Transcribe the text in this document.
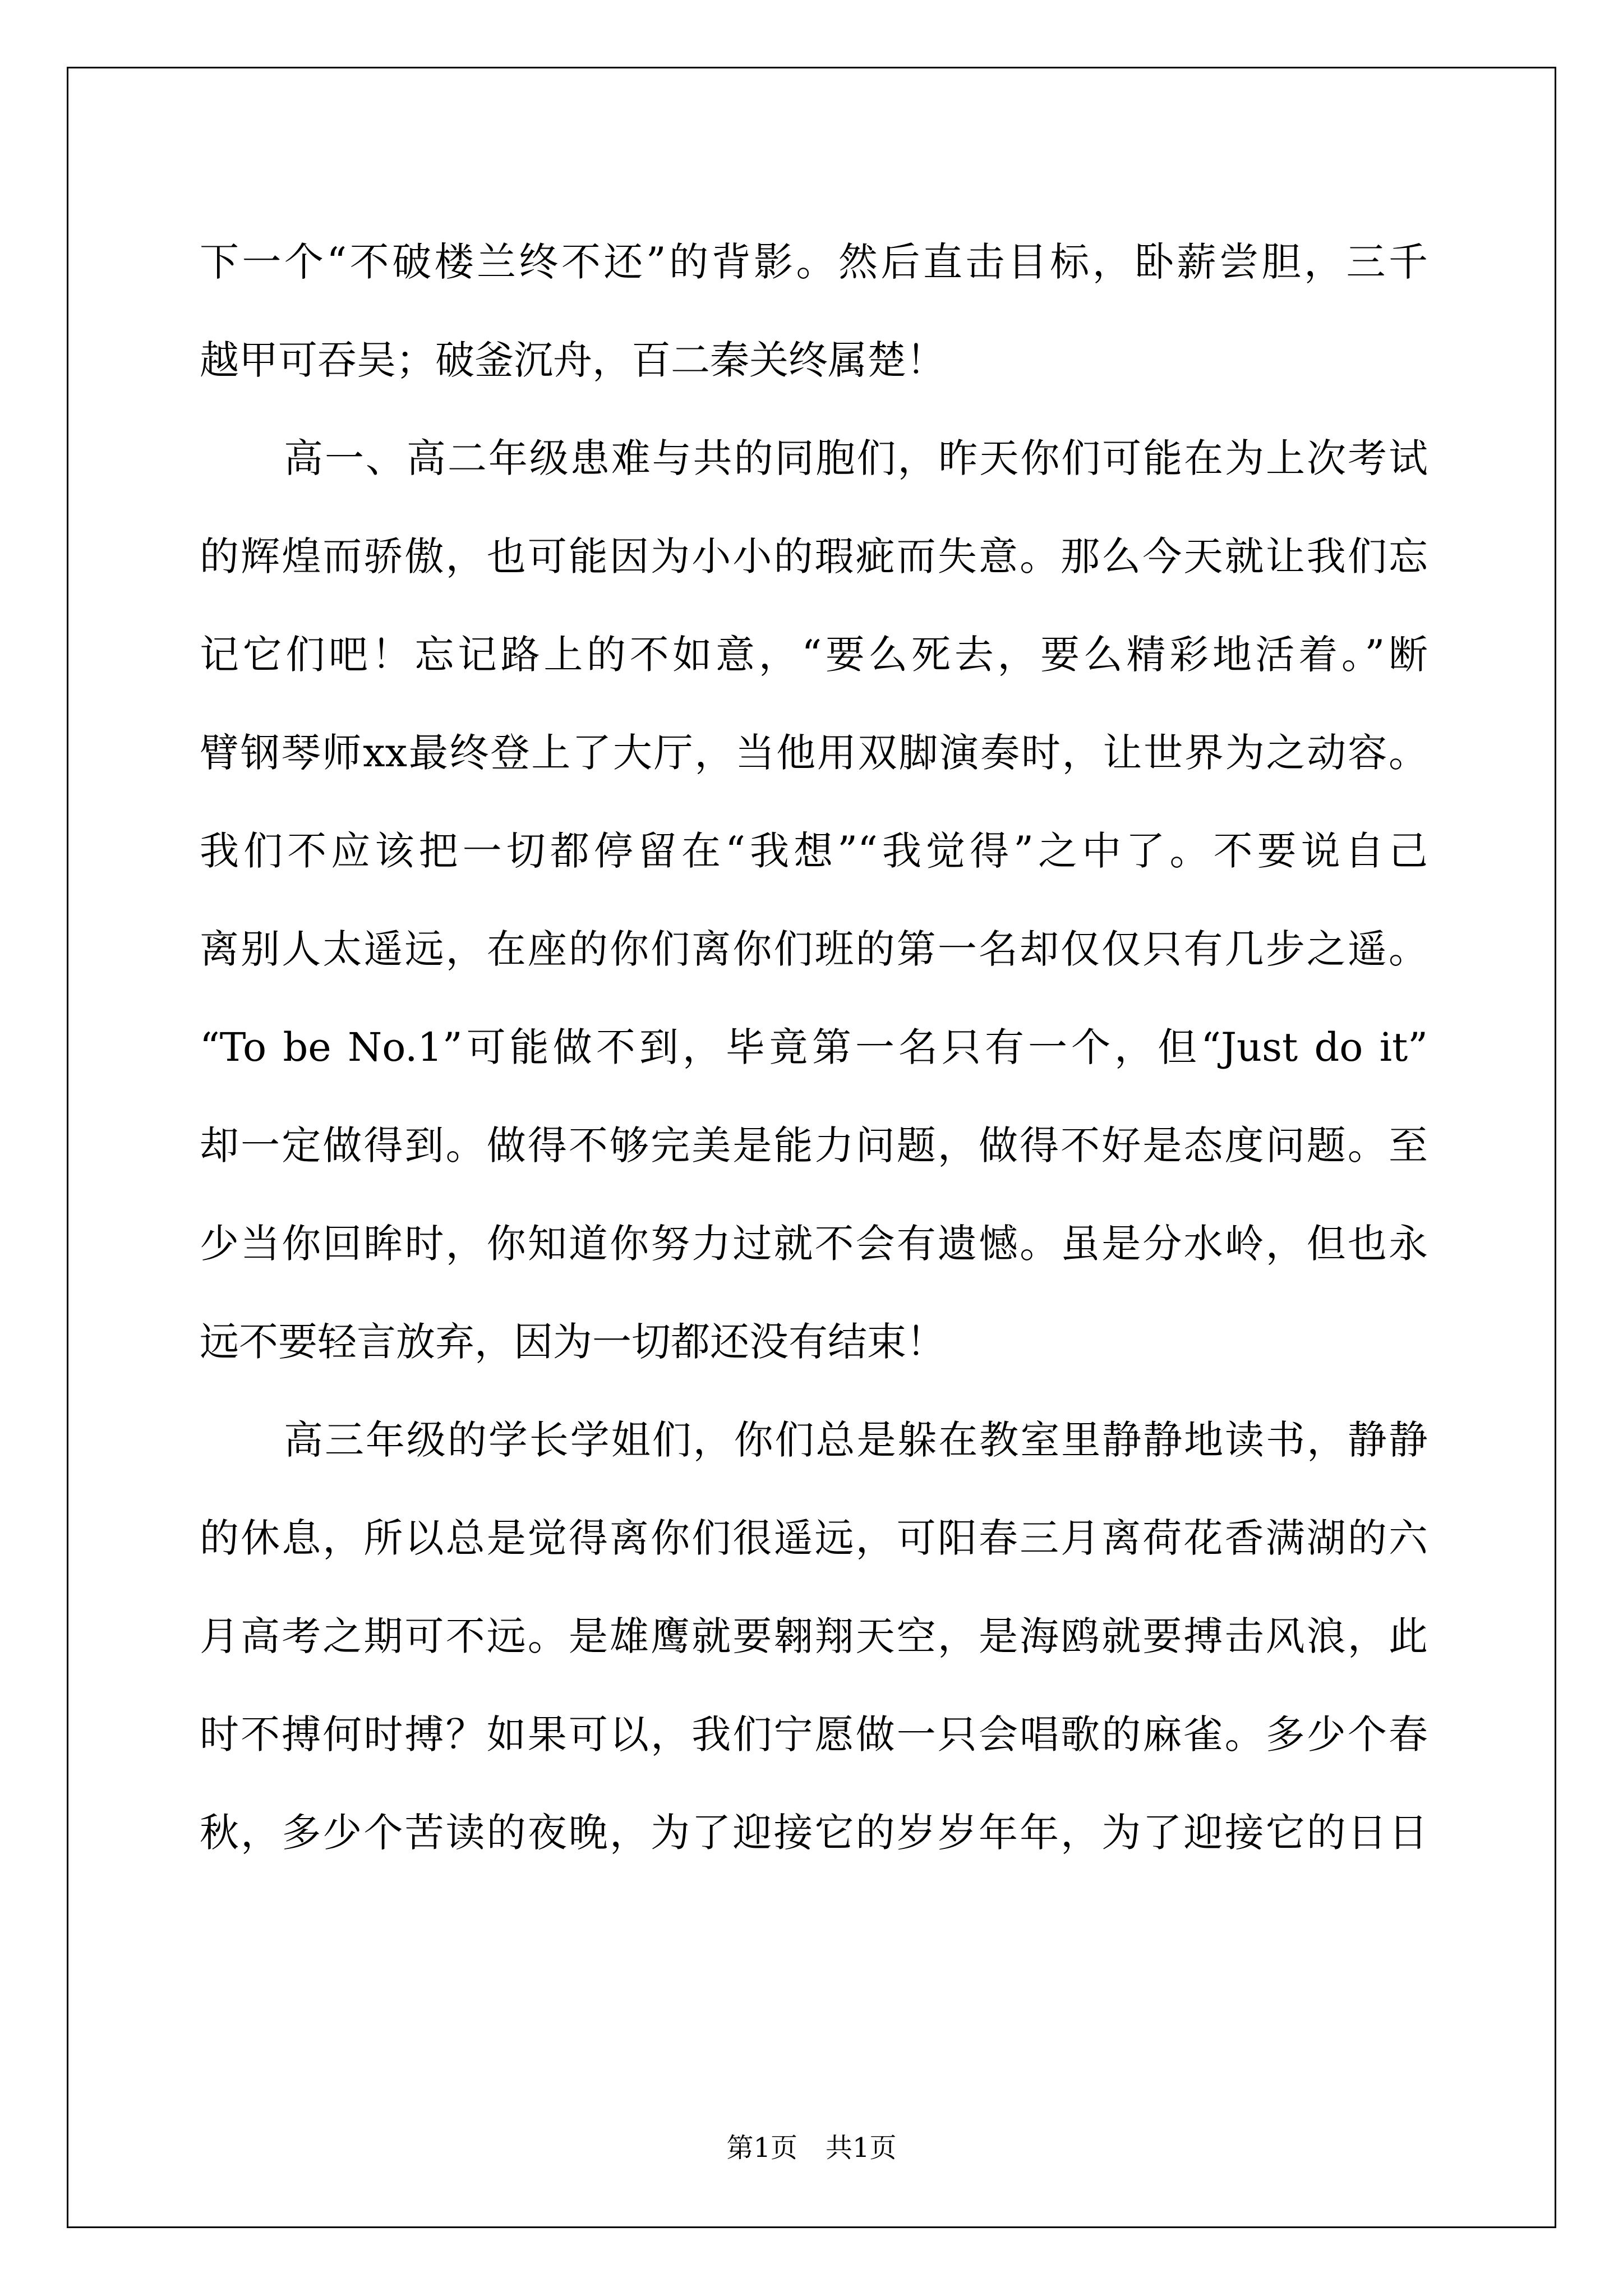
下一个“不破楼兰终不还”的背影。然后直击目标，卧薪尝胆，三千
越甲可吞吴；破釜沉舟，百二秦关终属楚！
高一、高二年级患难与共的同胞们，昨天你们可能在为上次考试
的辉煌而骄傲，也可能因为小小的瑕疵而失意。那么今天就让我们忘
记它们吧！忘记路上的不如意，“要么死去，要么精彩地活着。”断
臂钢琴师xx最终登上了大厅，当他用双脚演奏时，让世界为之动容。
我们不应该把一切都停留在“我想”“我觉得”之中了。不要说自己
离别人太遥远，在座的你们离你们班的第一名却仅仅只有几步之遥。
“To be No.1”可能做不到，毕竟第一名只有一个，但“Just do it”
却一定做得到。做得不够完美是能力问题，做得不好是态度问题。至
少当你回眸时，你知道你努力过就不会有遗憾。虽是分水岭，但也永
远不要轻言放弃，因为一切都还没有结束！
高三年级的学长学姐们，你们总是躲在教室里静静地读书，静静
的休息，所以总是觉得离你们很遥远，可阳春三月离荷花香满湖的六
月高考之期可不远。是雄鹰就要翱翔天空，是海鸥就要搏击风浪，此
时不搏何时搏？如果可以，我们宁愿做一只会唱歌的麻雀。多少个春
秋，多少个苦读的夜晚，为了迎接它的岁岁年年，为了迎接它的日日
第1页 共1页
